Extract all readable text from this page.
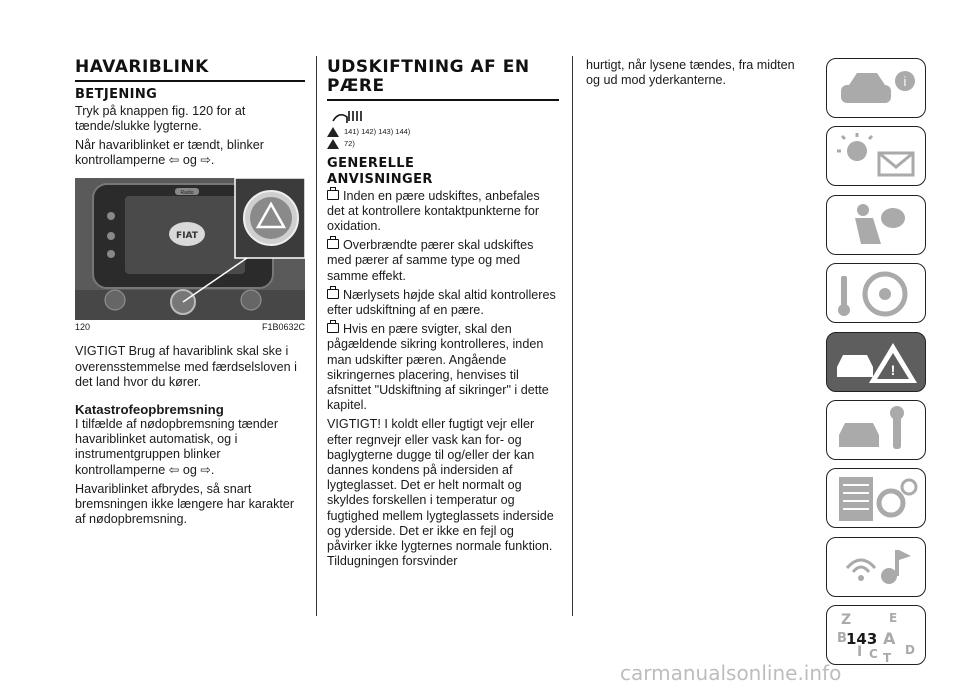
HAVARIBLINK
BETJENING

Tryk på knappen fig. 120 for at tænde/slukke lygterne.

Når havariblinket er tændt, blinker kontrollamperne ⇦ og ⇨.

FIAT
Radio
120	F1B0632C

VIGTIGT Brug af havariblink skal ske i overensstemmelse med færdselsloven i det land hvor du kører.

Katastrofeopbremsning

I tilfælde af nødopbremsning tænder havariblinket automatisk, og i instrumentgruppen blinker kontrollamperne ⇦ og ⇨.

Havariblinket afbrydes, så snart bremsningen ikke længere har karakter af nødopbremsning.

UDSKIFTNING AF EN
PÆRE
141) 142) 143) 144)
72)
GENERELLE
ANVISNINGER

Inden en pære udskiftes, anbefales det at kontrollere kontaktpunkterne for oxidation.

Overbrændte pærer skal udskiftes med pærer af samme type og med samme effekt.

Nærlysets højde skal altid kontrolleres efter udskiftning af en pære.

Hvis en pære svigter, skal den pågældende sikring kontrolleres, inden man udskifter pæren. Angående sikringernes placering, henvises til afsnittet "Udskiftning af sikringer" i dette kapitel.

VIGTIGT! I koldt eller fugtigt vejr eller efter regnvejr eller vask kan for- og baglygterne dugge til og/eller der kan dannes kondens på indersiden af lygteglasset. Det er helt normalt og skyldes forskellen i temperatur og fugtighed mellem lygteglassets inderside og yderside. Det er ikke en fejl og påvirker ikke lygternes normale funktion. Tildugningen forsvinder

hurtigt, når lysene tændes, fra midten og ud mod yderkanterne.	i
!
Z	E
B A
I C T
D
143
carmanualsonline.info
